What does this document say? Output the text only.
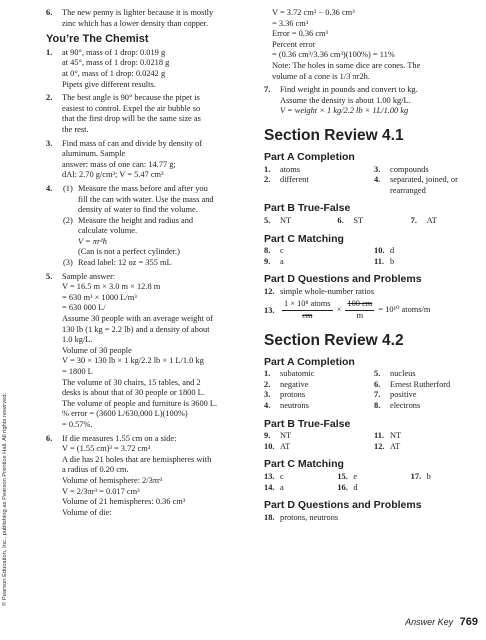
6. The new penny is lighter because it is mostly
zinc which has a lower density than copper.
You’re The Chemist
1. at 90°, mass of 1 drop: 0.019 g
at 45°, mass of 1 drop: 0.0218 g
at 0°, mass of 1 drop: 0.0242 g
Pipets give different results.
2. The best angle is 90° because the pipet is
easiest to control. Expel the air bubble so
that the first drop will be the same size as
the rest.
3. Find mass of can and divide by density of
aluminum. Sample
answer: mass of one can: 14.77 g;
dAl: 2.70 g/cm³; V = 5.47 cm³
4. (1) Measure the mass before and after you
fill the can with water. Use the mass and
density of water to find the volume.
(2) Measure the height and radius and
calculate volume.
V = πr²h
(Can is not a perfect cylinder.)
(3) Read label: 12 oz = 355 mL
5. Sample answer:
V = 16.5 m × 3.0 m × 12.8 m
= 630 m³ × 1000 L/m³
= 630 000 L/
Assume 30 people with an average weight of
130 lb (1 kg = 2.2 lb) and a density of about
1.0 kg/L.
Volume of 30 people
V = 30 × 130 lb × 1 kg/2.2 lb × 1 L/1.0 kg
= 1800 L
The volume of 30 chairs, 15 tables, and 2
desks is about that of 30 people or 1800 L.
The volume of people and furniture is 3600 L.
% error = (3600 L/630,000 L)(100%)
= 0.57%.
6. If die measures 1.55 cm on a side:
V = (1.55 cm)³ = 3.72 cm³
A die has 21 holes that are hemispheres with
a radius of 0.20 cm.
Volume of hemisphere: 2/3πr³
V = 2/3πr³ = 0.017 cm³
Volume of 21 hemispheres: 0.36 cm³
Volume of die:
V = 3.72 cm³ − 0.36 cm³
= 3.36 cm³
Error = 0.36 cm³
Percent error
= (0.36 cm³/3.36 cm³)(100%) = 11%
Note: The holes in some dice are cones. The
volume of a cone is 1/3 πr2h.
7. Find weight in pounds and convert to kg.
Assume the density is about 1.00 kg/L.
V = weight × 1 kg/2.2 lb × 1L/1.00 kg
Section Review 4.1
Part A Completion
1. atoms	3. compounds
2. different	4. separated, joined, or rearranged
Part B True-False
5. NT	6. ST	7. AT
Part C Matching
8. c	10. d
9. a	11. b
Part D Questions and Problems
12. simple whole-number ratios
13. $\frac{\text{1 × 10⁸ atoms}}{cm} \times \frac{100 cm}{m} = 10^{10}$ atoms/m
Section Review 4.2
Part A Completion
1. subatomic	5. nucleus
2. negative	6. Ernest Rutherford
3. protons	7. positive
4. neutrons	8. electrons
Part B True-False
9. NT	11. NT
10. AT	12. AT
Part C Matching
13. c	15. e	17. b
14. a	16. d
Part D Questions and Problems
18. protons, neutrons
© Pearson Education, Inc., publishing as Pearson Prentice Hall. All rights reserved.
Answer Key 769
